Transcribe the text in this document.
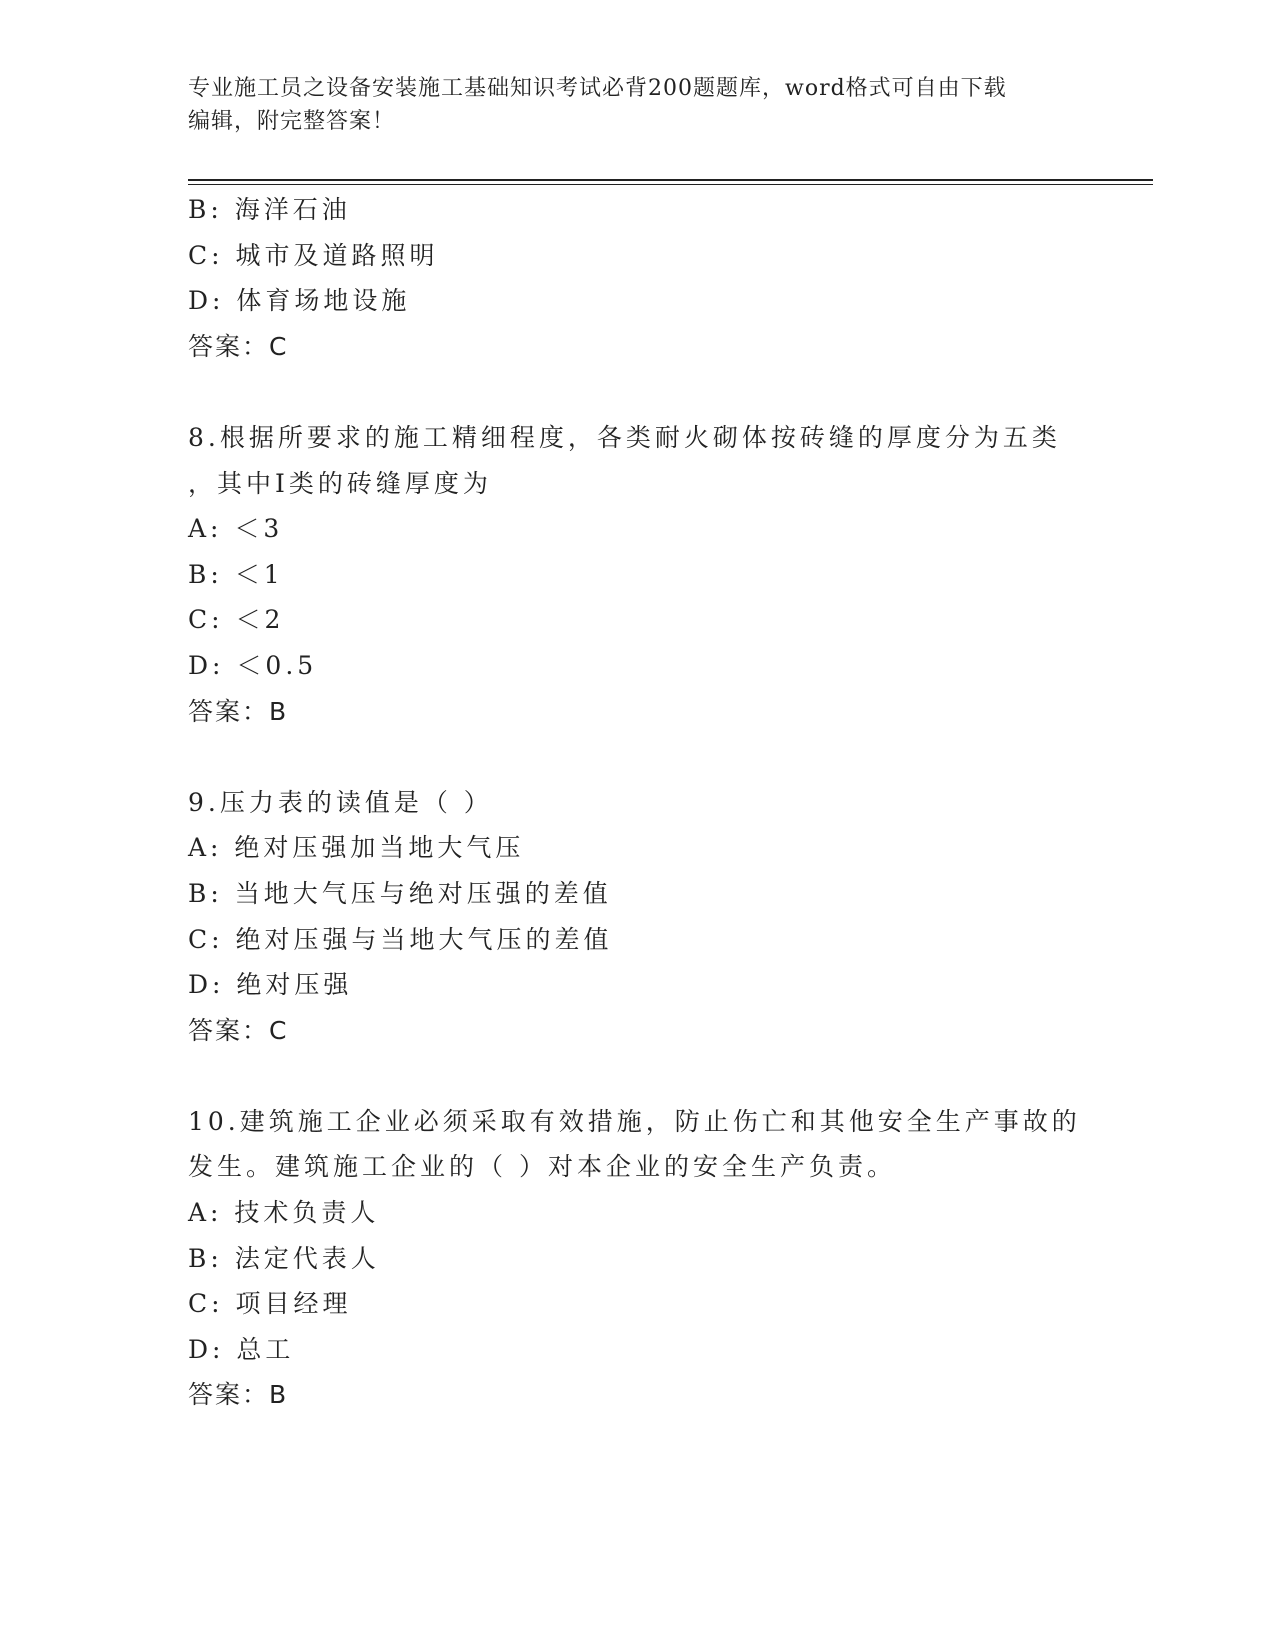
专业施工员之设备安装施工基础知识考试必背200题题库，word格式可自由下载
编辑，附完整答案！
B: 海洋石油
C: 城市及道路照明
D: 体育场地设施
答案：C
8.根据所要求的施工精细程度，各类耐火砌体按砖缝的厚度分为五类
，其中Ⅰ类的砖缝厚度为
A: ＜3
B: ＜1
C: ＜2
D: ＜0.5
答案：B
9.压力表的读值是（ ）
A: 绝对压强加当地大气压
B: 当地大气压与绝对压强的差值
C: 绝对压强与当地大气压的差值
D: 绝对压强
答案：C
10.建筑施工企业必须采取有效措施，防止伤亡和其他安全生产事故的
发生。建筑施工企业的（ ）对本企业的安全生产负责。
A: 技术负责人
B: 法定代表人
C: 项目经理
D: 总工
答案：B
